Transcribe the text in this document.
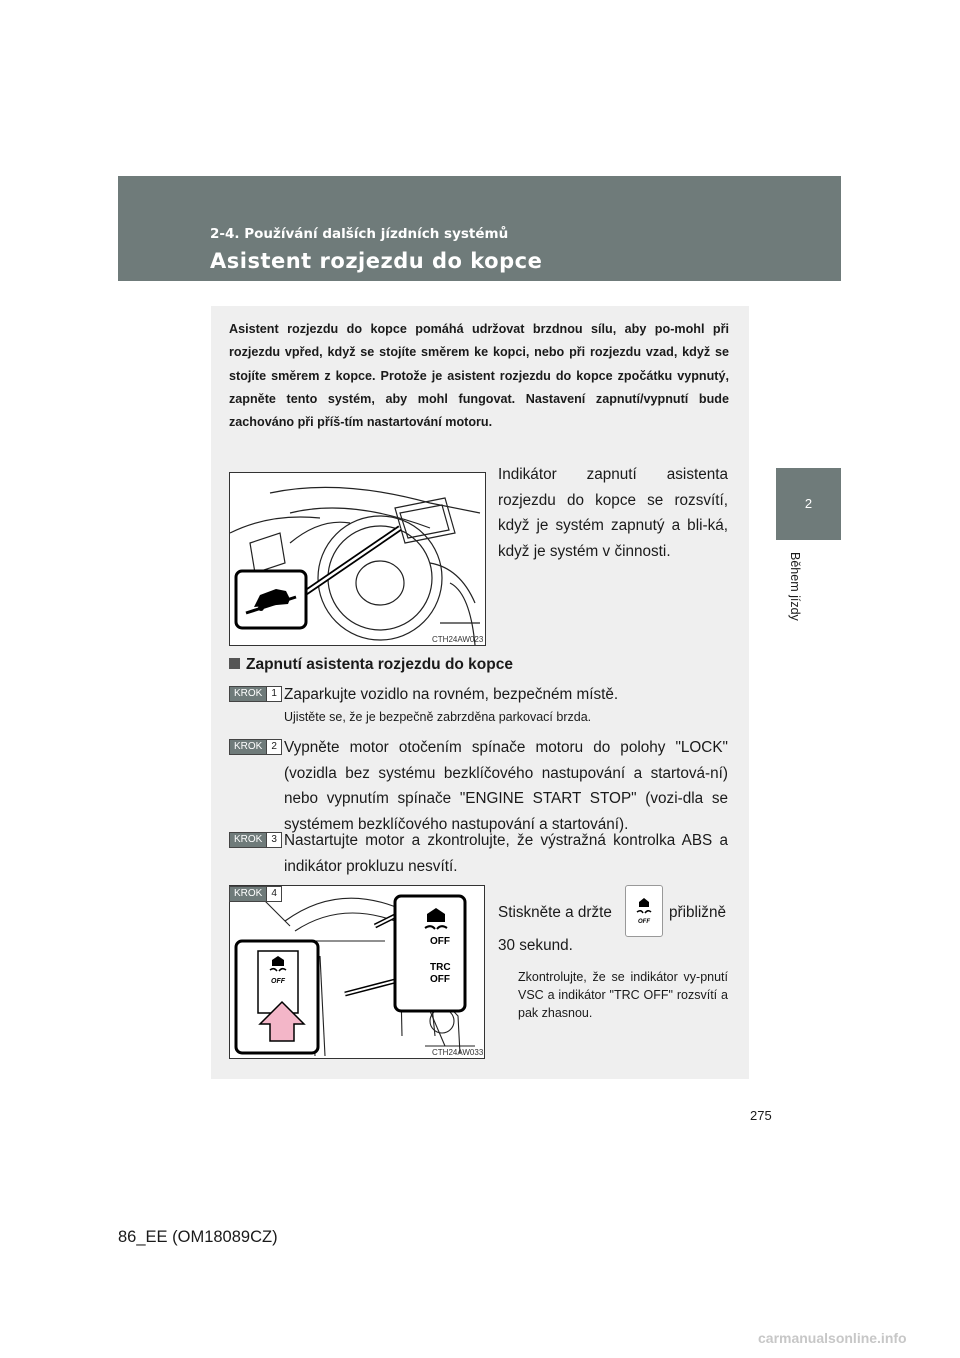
2-4. Používání dalších jízdních systémů
Asistent rozjezdu do kopce
2
Během jízdy

Asistent rozjezdu do kopce pomáhá udržovat brzdnou sílu, aby po-mohl při rozjezdu vpřed, když se stojíte směrem ke kopci, nebo při rozjezdu vzad, když se stojíte směrem z kopce. Protože je asistent rozjezdu do kopce zpočátku vypnutý, zapněte tento systém, aby mohl fungovat. Nastavení zapnutí/vypnutí bude zachováno při příš-tím nastartování motoru.

CTH24AW023

Indikátor zapnutí asistenta rozjezdu do kopce se rozsvítí, když je systém zapnutý a bli-ká, když je systém v činnosti.

Zapnutí asistenta rozjezdu do kopce
KROK 1 Zaparkujte vozidlo na rovném, bezpečném místě.

Ujistěte se, že je bezpečně zabrzděna parkovací brzda.

KROK 2 Vypněte motor otočením spínače motoru do polohy "LOCK" (vozidla bez systému bezklíčového nastupování a startová-ní) nebo vypnutím spínače "ENGINE START STOP" (vozi-dla se systémem bezklíčového nastupování a startování).

KROK 3 Nastartujte motor a zkontrolujte, že výstražná kontrolka ABS a indikátor prokluzu nesvítí.

OFF
TRC
OFF
OFF
CTH24AW033
KROK 4

Stiskněte a držte

OFF

přibližně

30 sekund.

Zkontrolujte, že se indikátor vy-pnutí VSC a indikátor "TRC OFF" rozsvítí a pak zhasnou.

275
86_EE (OM18089CZ)
carmanualsonline.info
